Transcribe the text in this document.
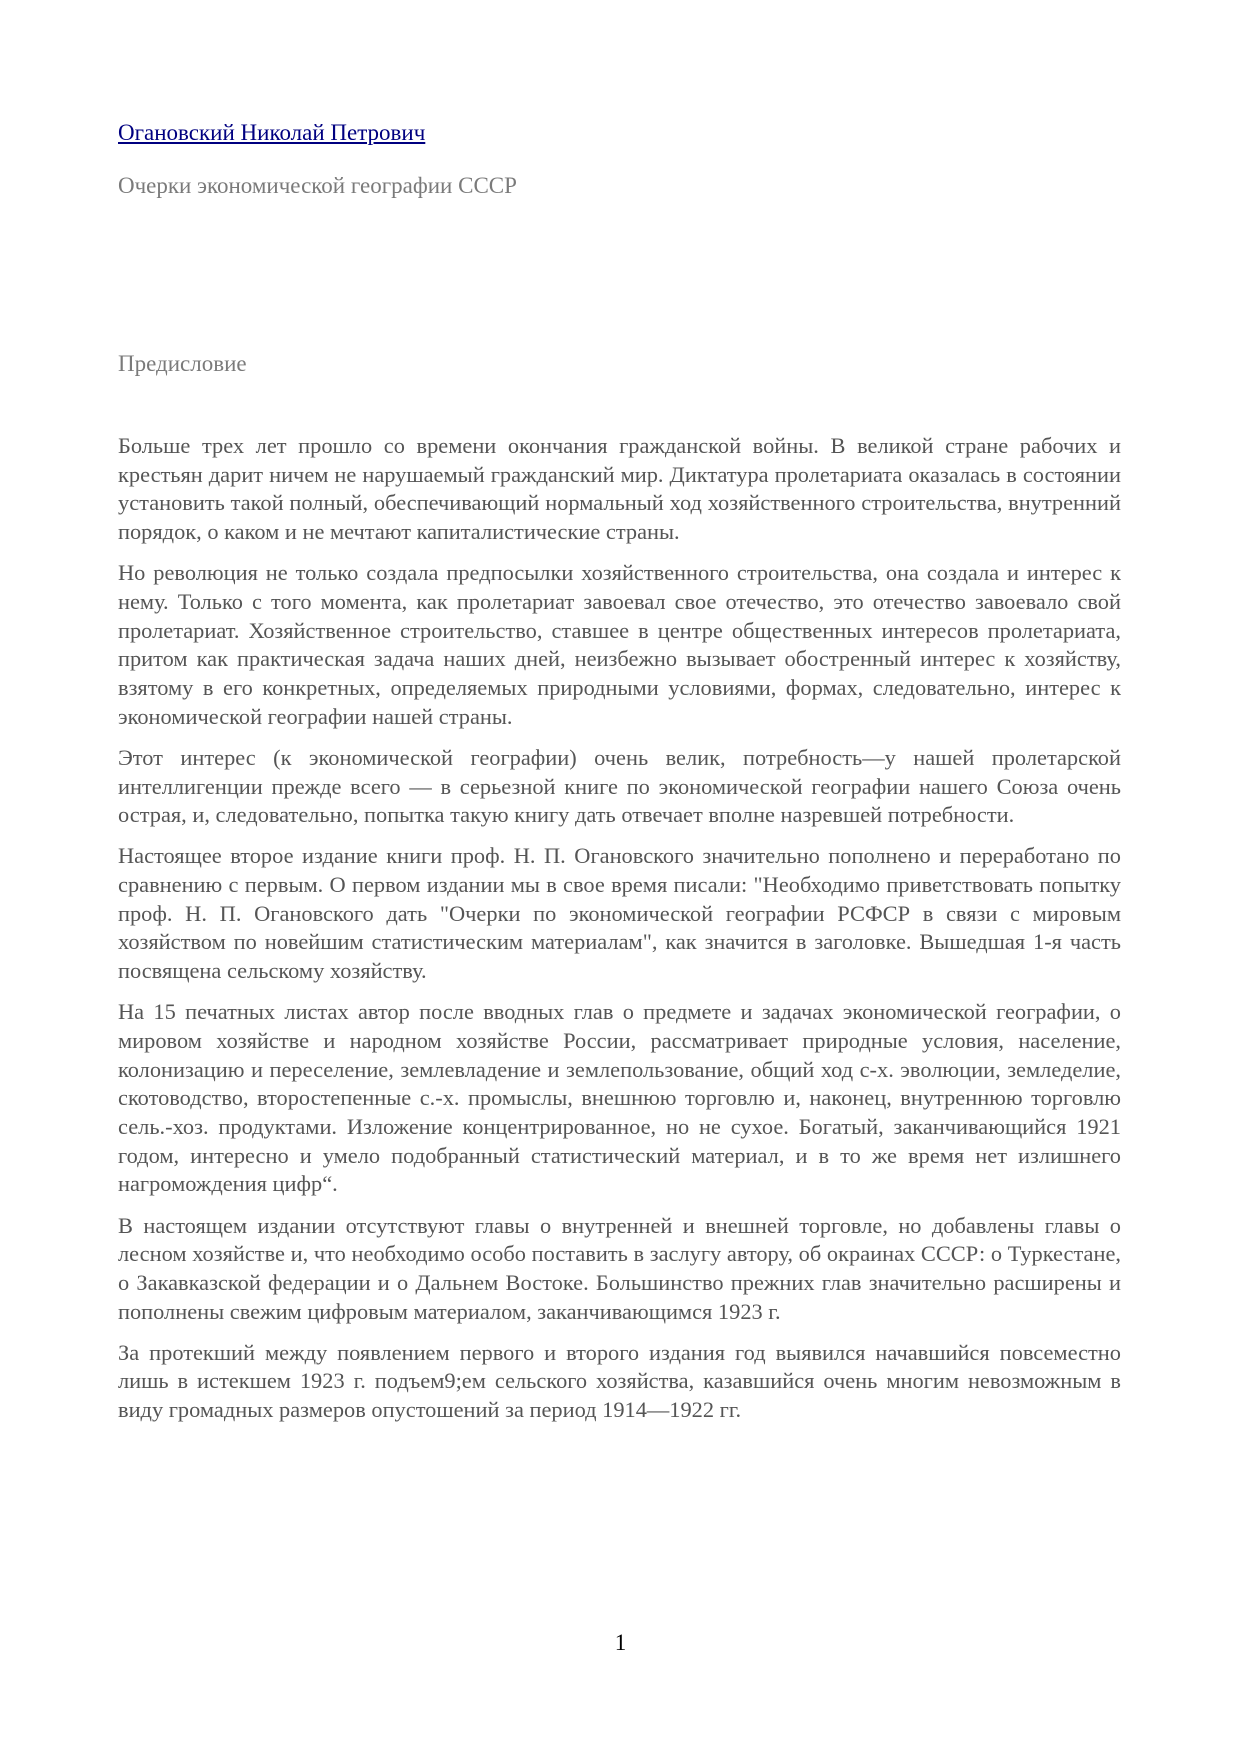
Огановский Николай Петрович
Очерки экономической географии СССР
Предисловие

Больше трех лет прошло со времени окончания гражданской войны. В великой стране рабочих и крестьян дарит ничем не нарушаемый гражданский мир. Диктатура пролетариата оказалась в состоянии установить такой полный, обеспечивающий нормальный ход хозяйственного строительства, внутренний порядок, о каком и не мечтают капиталистические страны.

Но революция не только создала предпосылки хозяйственного строительства, она создала и интерес к нему. Только с того момента, как пролетариат завоевал свое отечество, это отечество завоевало свой пролетариат. Хозяйственное строительство, ставшее в центре общественных интересов пролетариата, притом как практическая задача наших дней, неизбежно вызывает обостренный интерес к хозяйству, взятому в его конкретных, определяемых природными условиями, формах, следовательно, интерес к экономической географии нашей страны.

Этот интерес (к экономической географии) очень велик, потребность—у нашей пролетарской интеллигенции прежде всего — в серьезной книге по экономической географии нашего Союза очень острая, и, следовательно, попытка такую книгу дать отвечает вполне назревшей потребности.

Настоящее второе издание книги проф. Н. П. Огановского значительно пополнено и переработано по сравнению с первым. О первом издании мы в свое время писали: "Необходимо приветствовать попытку проф. Н. П. Огановского дать "Очерки по экономической географии РСФСР в связи с мировым хозяйством по новейшим статистическим материалам", как значится в заголовке. Вышедшая 1-я часть посвящена сельскому хозяйству.

На 15 печатных листах автор после вводных глав о предмете и задачах экономической географии, о мировом хозяйстве и народном хозяйстве России, рассматривает природные условия, население, колонизацию и переселение, землевладение и землепользование, общий ход с-х. эволюции, земледелие, скотоводство, второстепенные с.-х. промыслы, внешнюю торговлю и, наконец, внутреннюю торговлю сель.-хоз. продуктами. Изложение концентрированное, но не сухое. Богатый, заканчивающийся 1921 годом, интересно и умело подобранный статистический материал, и в то же время нет излишнего нагромождения цифр“.

В настоящем издании отсутствуют главы о внутренней и внешней торговле, но добавлены главы о лесном хозяйстве и, что необходимо особо поставить в заслугу автору, об окраинах СССР: о Туркестане, о Закавказской федерации и о Дальнем Востоке. Большинство прежних глав значительно расширены и пополнены свежим цифровым материалом, заканчивающимся 1923 г.

За протекший между появлением первого и второго издания год выявился начавшийся повсеместно лишь в истекшем 1923 г. подъем9;ем сельского хозяйства, казавшийся очень многим невозможным в виду громадных размеров опустошений за период 1914—1922 гг.

1
